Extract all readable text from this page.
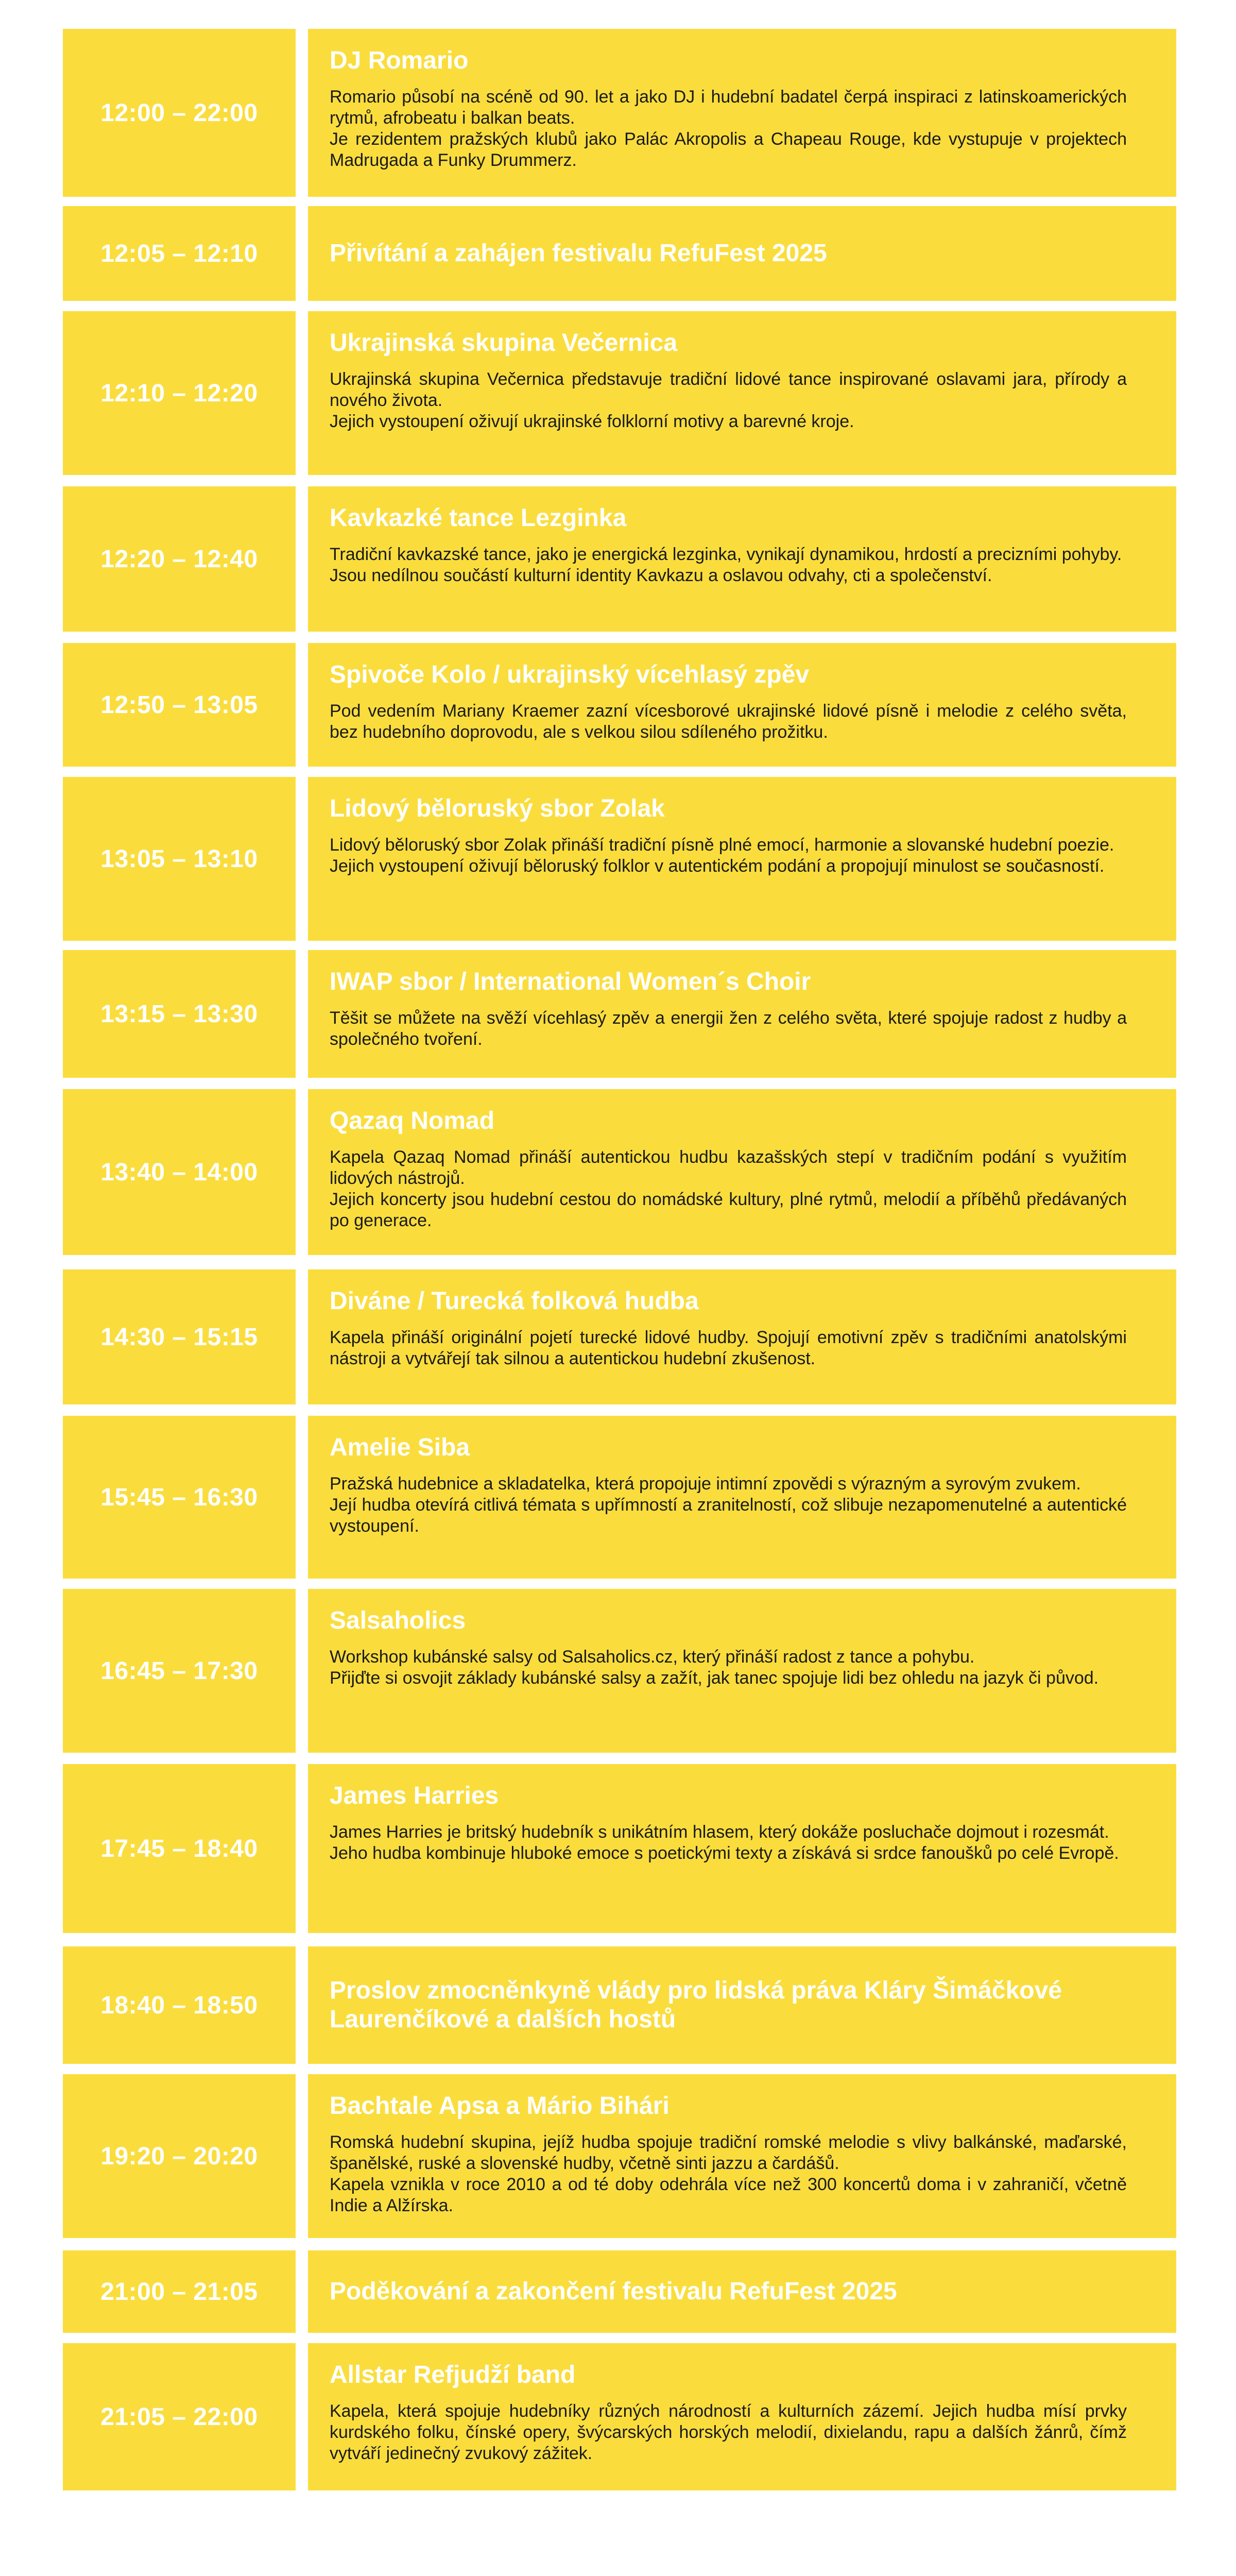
12:00 – 22:00
DJ Romario
Romario působí na scéně od 90. let a jako DJ i hudební badatel čerpá inspiraci z latinskoamerických rytmů, afrobeatu i balkan beats.
Je rezidentem pražských klubů jako Palác Akropolis a Chapeau Rouge, kde vystupuje v projektech Madrugada a Funky Drummerz.
12:05 – 12:10	Přivítání a zahájen festivalu RefuFest 2025
12:10 – 12:20
Ukrajinská skupina Večernica
Ukrajinská skupina Večernica představuje tradiční lidové tance inspirované oslavami jara, přírody a nového života.
Jejich vystoupení oživují ukrajinské folklorní motivy a barevné kroje.
12:20 – 12:40
Kavkazké tance Lezginka
Tradiční kavkazské tance, jako je energická lezginka, vynikají dynamikou, hrdostí a precizními pohyby.
Jsou nedílnou součástí kulturní identity Kavkazu a oslavou odvahy, cti a společenství.
12:50 – 13:05
Spivoče Kolo / ukrajinský vícehlasý zpěv
Pod vedením Mariany Kraemer zazní vícesborové ukrajinské lidové písně i melodie z celého světa, bez hudebního doprovodu, ale s velkou silou sdíleného prožitku.
13:05 – 13:10
Lidový běloruský sbor Zolak
Lidový běloruský sbor Zolak přináší tradiční písně plné emocí, harmonie a slovanské hudební poezie.
Jejich vystoupení oživují běloruský folklor v autentickém podání a propojují minulost se současností.
13:15 – 13:30
IWAP sbor / International Women´s Choir
Těšit se můžete na svěží vícehlasý zpěv a energii žen z celého světa, které spojuje radost z hudby a společného tvoření.
13:40 – 14:00
Qazaq Nomad
Kapela Qazaq Nomad přináší autentickou hudbu kazašských stepí v tradičním podání s využitím lidových nástrojů.
Jejich koncerty jsou hudební cestou do nomádské kultury, plné rytmů, melodií a příběhů předávaných po generace.
14:30 – 15:15
Diváne / Turecká folková hudba
Kapela přináší originální pojetí turecké lidové hudby. Spojují emotivní zpěv s tradičními anatolskými nástroji a vytvářejí tak silnou a autentickou hudební zkušenost.
15:45 – 16:30
Amelie Siba
Pražská hudebnice a skladatelka, která propojuje intimní zpovědi s výrazným a syrovým zvukem.
Její hudba otevírá citlivá témata s upřímností a zranitelností, což slibuje nezapomenutelné a autentické vystoupení.
16:45 – 17:30
Salsaholics
Workshop kubánské salsy od Salsaholics.cz, který přináší radost z tance a pohybu.
Přijďte si osvojit základy kubánské salsy a zažít, jak tanec spojuje lidi bez ohledu na jazyk či původ.
17:45 – 18:40
James Harries
James Harries je britský hudebník s unikátním hlasem, který dokáže posluchače dojmout i rozesmát.
Jeho hudba kombinuje hluboké emoce s poetickými texty a získává si srdce fanoušků po celé Evropě.
18:40 – 18:50
Proslov zmocněnkyně vlády pro lidská práva Kláry Šimáčkové Laurenčíkové a dalších hostů
19:20 – 20:20
Bachtale Apsa a Mário Bihári
Romská hudební skupina, jejíž hudba spojuje tradiční romské melodie s vlivy balkánské, maďarské, španělské, ruské a slovenské hudby, včetně sinti jazzu a čardášů.
Kapela vznikla v roce 2010 a od té doby odehrála více než 300 koncertů doma i v zahraničí, včetně Indie a Alžírska.
21:00 – 21:05	Poděkování a zakončení festivalu RefuFest 2025
21:05 – 22:00
Allstar Refjudží band
Kapela, která spojuje hudebníky různých národností a kulturních zázemí. Jejich hudba mísí prvky kurdského folku, čínské opery, švýcarských horských melodií, dixielandu, rapu a dalších žánrů, čímž vytváří jedinečný zvukový zážitek.
